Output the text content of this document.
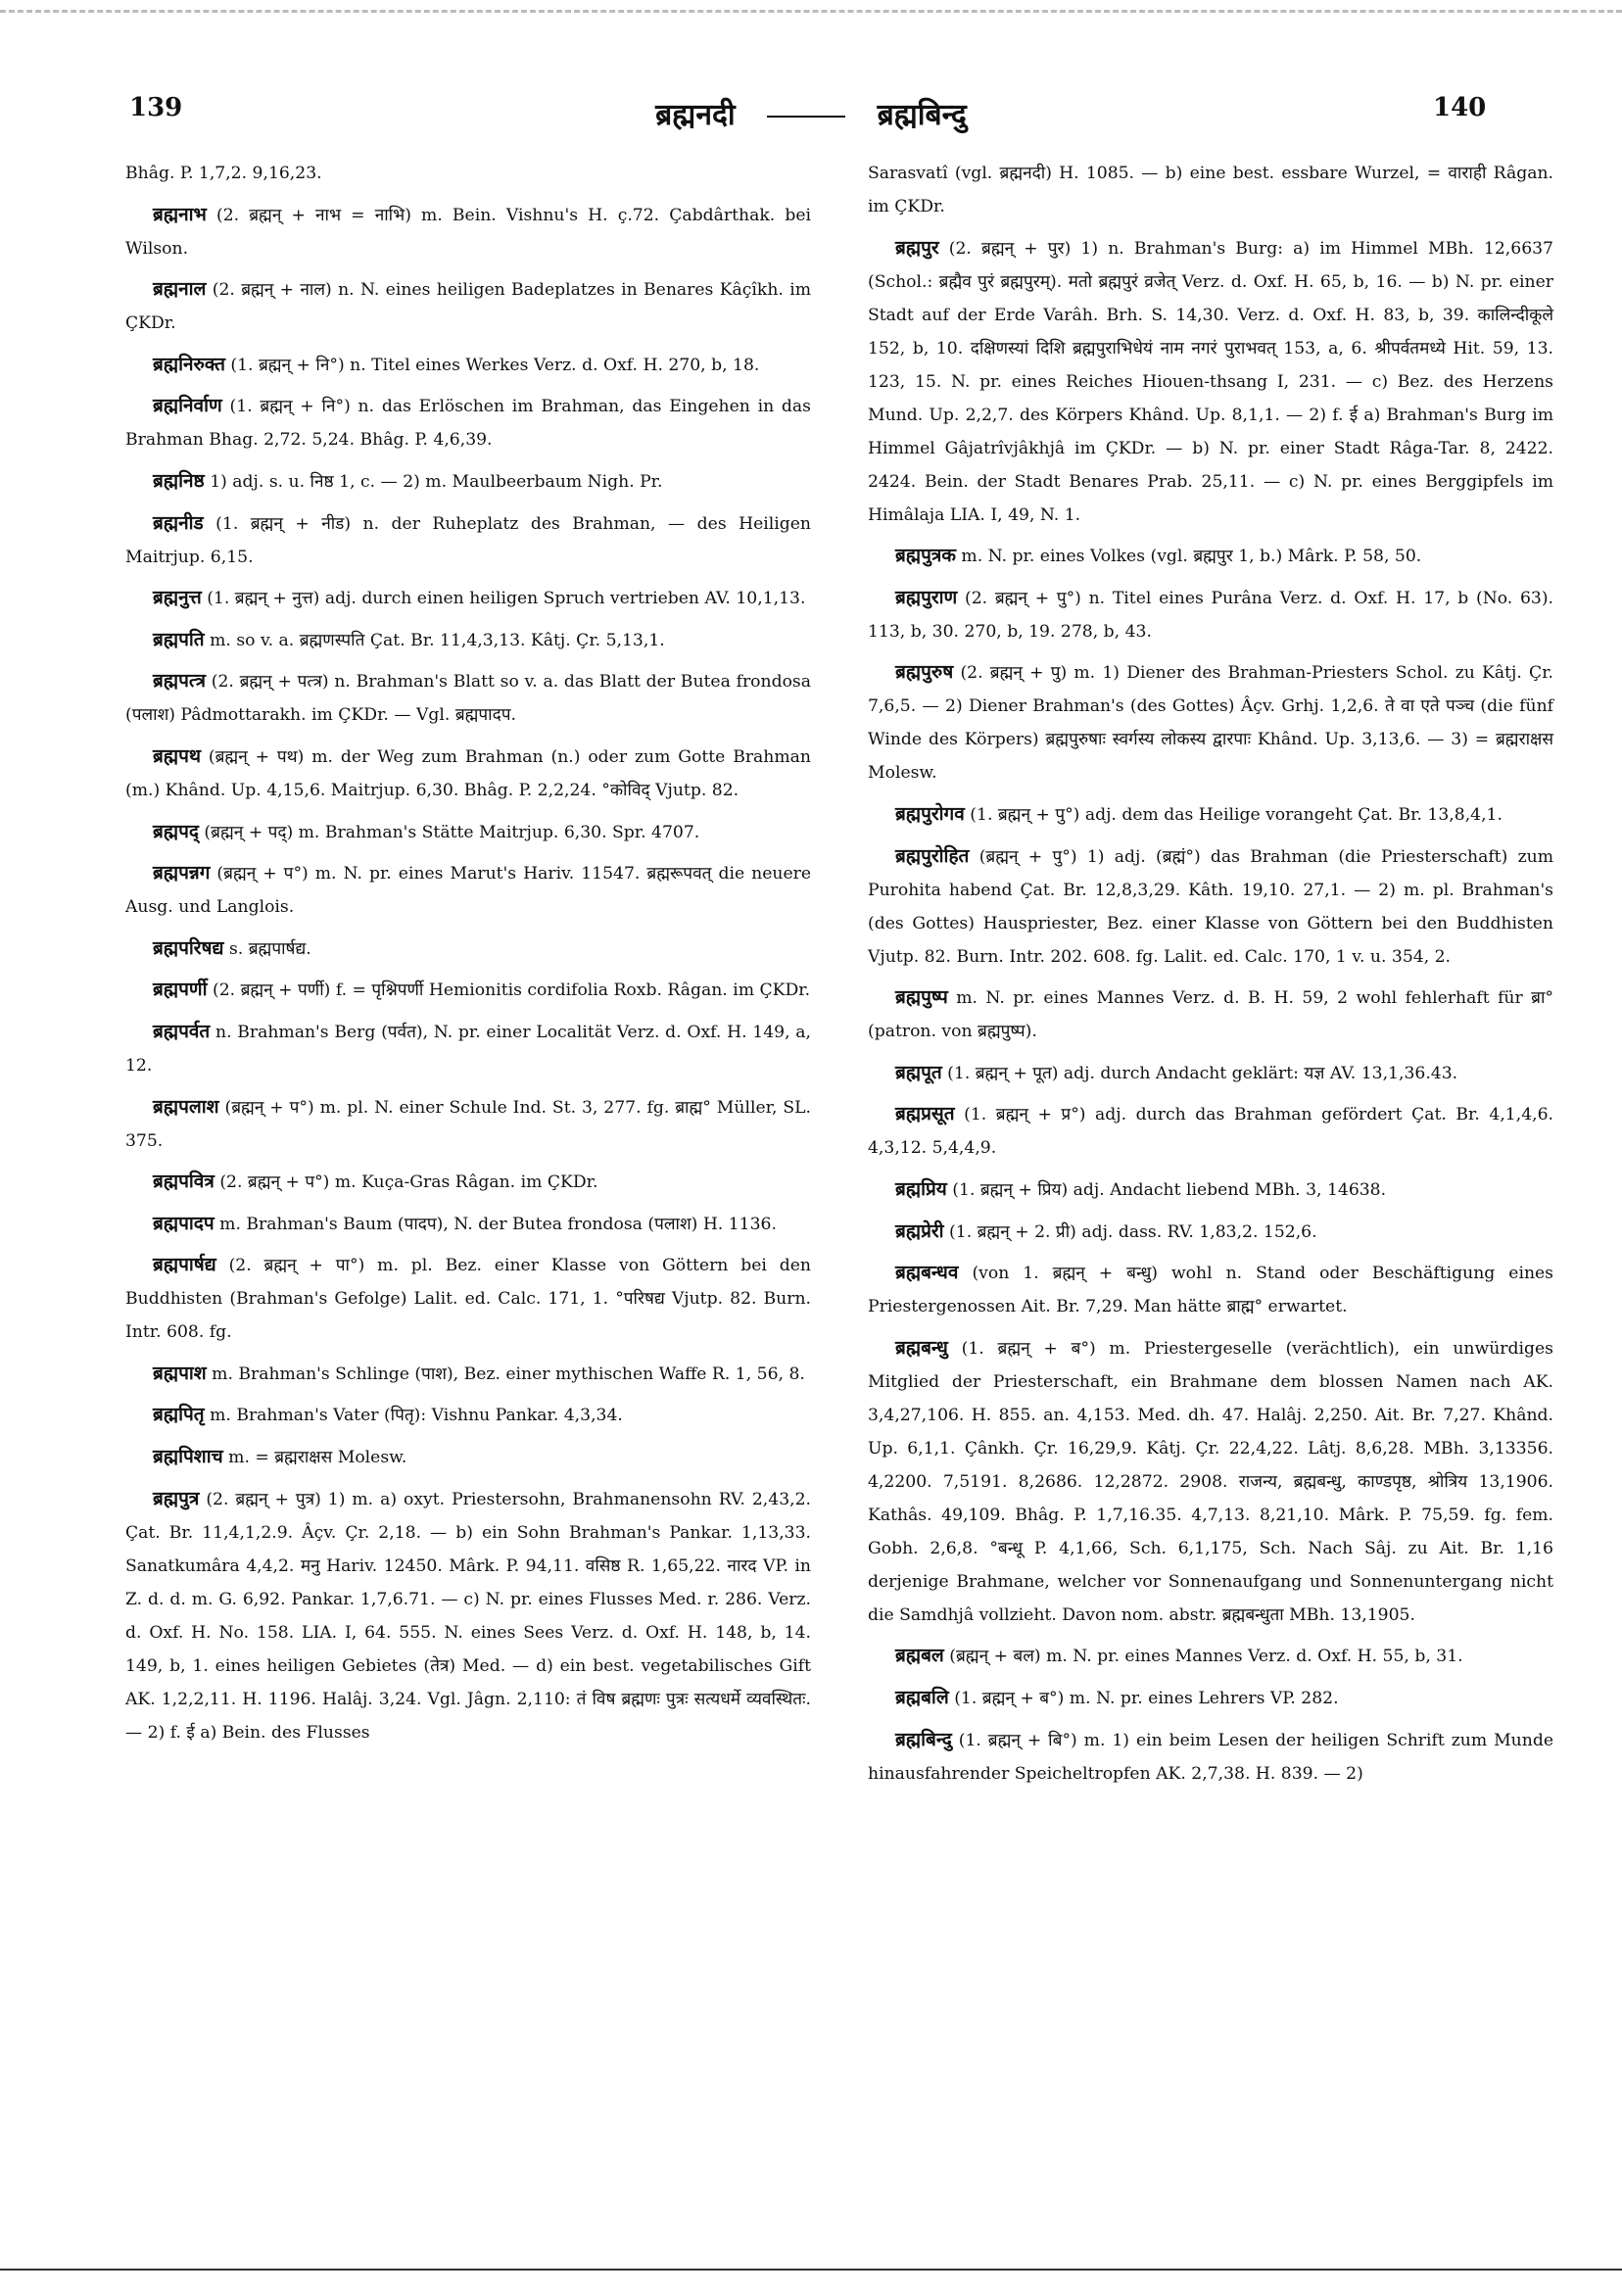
139	ब्रह्मनदी	ब्रह्मबिन्दु	140

Bhâg. P. 1,7,2. 9,16,23.

ब्रह्मनाभ (2. ब्रह्मन् + नाभ = नाभि) m. Bein. Vishnu's H. ç.72. Çabdârthak. bei Wilson.

ब्रह्मनाल (2. ब्रह्मन् + नाल) n. N. eines heiligen Badeplatzes in Benares Kâçîkh. im ÇKDr.

ब्रह्मनिरुक्त (1. ब्रह्मन् + नि°) n. Titel eines Werkes Verz. d. Oxf. H. 270, b, 18.

ब्रह्मनिर्वाण (1. ब्रह्मन् + नि°) n. das Erlöschen im Brahman, das Eingehen in das Brahman Bhag. 2,72. 5,24. Bhâg. P. 4,6,39.

ब्रह्मनिष्ठ 1) adj. s. u. निष्ठ 1, c. — 2) m. Maulbeerbaum Nigh. Pr.

ब्रह्मनीड (1. ब्रह्मन् + नीड) n. der Ruheplatz des Brahman, — des Heiligen Maitrjup. 6,15.

ब्रह्मनुत्त (1. ब्रह्मन् + नुत्त) adj. durch einen heiligen Spruch vertrieben AV. 10,1,13.

ब्रह्मपति m. so v. a. ब्रह्मणस्पति Çat. Br. 11,4,3,13. Kâtj. Çr. 5,13,1.

ब्रह्मपत्त्र (2. ब्रह्मन् + पत्त्र) n. Brahman's Blatt so v. a. das Blatt der Butea frondosa (पलाश) Pâdmottarakh. im ÇKDr. — Vgl. ब्रह्मपादप.

ब्रह्मपथ (ब्रह्मन् + पथ) m. der Weg zum Brahman (n.) oder zum Gotte Brahman (m.) Khând. Up. 4,15,6. Maitrjup. 6,30. Bhâg. P. 2,2,24. °कोविद् Vjutp. 82.

ब्रह्मपद् (ब्रह्मन् + पद्) m. Brahman's Stätte Maitrjup. 6,30. Spr. 4707.

ब्रह्मपन्नग (ब्रह्मन् + प°) m. N. pr. eines Marut's Hariv. 11547. ब्रह्मरूपवत् die neuere Ausg. und Langlois.

ब्रह्मपरिषद्य s. ब्रह्मपार्षद्य.

ब्रह्मपर्णी (2. ब्रह्मन् + पर्णी) f. = पृश्निपर्णी Hemionitis cordifolia Roxb. Râgan. im ÇKDr.

ब्रह्मपर्वत n. Brahman's Berg (पर्वत), N. pr. einer Localität Verz. d. Oxf. H. 149, a, 12.

ब्रह्मपलाश (ब्रह्मन् + प°) m. pl. N. einer Schule Ind. St. 3, 277. fg. ब्राह्म° Müller, SL. 375.

ब्रह्मपवित्र (2. ब्रह्मन् + प°) m. Kuça-Gras Râgan. im ÇKDr.

ब्रह्मपादप m. Brahman's Baum (पादप), N. der Butea frondosa (पलाश) H. 1136.

ब्रह्मपार्षद्य (2. ब्रह्मन् + पा°) m. pl. Bez. einer Klasse von Göttern bei den Buddhisten (Brahman's Gefolge) Lalit. ed. Calc. 171, 1. °परिषद्य Vjutp. 82. Burn. Intr. 608. fg.

ब्रह्मपाश m. Brahman's Schlinge (पाश), Bez. einer mythischen Waffe R. 1, 56, 8.

ब्रह्मपितृ m. Brahman's Vater (पितृ): Vishnu Pankar. 4,3,34.

ब्रह्मपिशाच m. = ब्रह्मराक्षस Molesw.

ब्रह्मपुत्र (2. ब्रह्मन् + पुत्र) 1) m. a) oxyt. Priestersohn, Brahmanensohn RV. 2,43,2. Çat. Br. 11,4,1,2.9. Âçv. Çr. 2,18. — b) ein Sohn Brahman's Pankar. 1,13,33. Sanatkumâra 4,4,2. मनु Hariv. 12450. Mârk. P. 94,11. वसिष्ठ R. 1,65,22. नारद VP. in Z. d. d. m. G. 6,92. Pankar. 1,7,6.71. — c) N. pr. eines Flusses Med. r. 286. Verz. d. Oxf. H. No. 158. LIA. I, 64. 555. N. eines Sees Verz. d. Oxf. H. 148, b, 14. 149, b, 1. eines heiligen Gebietes (तेत्र) Med. — d) ein best. vegetabilisches Gift AK. 1,2,2,11. H. 1196. Halâj. 3,24. Vgl. Jâgn. 2,110: तं विष ब्रह्मणः पुत्रः सत्यधर्मे व्यवस्थितः. — 2) f. ई a) Bein. des Flusses

Sarasvatî (vgl. ब्रह्मनदी) H. 1085. — b) eine best. essbare Wurzel, = वाराही Râgan. im ÇKDr.

ब्रह्मपुर (2. ब्रह्मन् + पुर) 1) n. Brahman's Burg: a) im Himmel MBh. 12,6637 (Schol.: ब्रह्मैव पुरं ब्रह्मपुरम्). मतो ब्रह्मपुरं व्रजेत् Verz. d. Oxf. H. 65, b, 16. — b) N. pr. einer Stadt auf der Erde Varâh. Brh. S. 14,30. Verz. d. Oxf. H. 83, b, 39. कालिन्दीकूले 152, b, 10. दक्षिणस्यां दिशि ब्रह्मपुराभिधेयं नाम नगरं पुराभवत् 153, a, 6. श्रीपर्वतमध्ये Hit. 59, 13. 123, 15. N. pr. eines Reiches Hiouen-thsang I, 231. — c) Bez. des Herzens Mund. Up. 2,2,7. des Körpers Khând. Up. 8,1,1. — 2) f. ई a) Brahman's Burg im Himmel Gâjatrîvjâkhjâ im ÇKDr. — b) N. pr. einer Stadt Râga-Tar. 8, 2422. 2424. Bein. der Stadt Benares Prab. 25,11. — c) N. pr. eines Berggipfels im Himâlaja LIA. I, 49, N. 1.

ब्रह्मपुत्रक m. N. pr. eines Volkes (vgl. ब्रह्मपुर 1, b.) Mârk. P. 58, 50.

ब्रह्मपुराण (2. ब्रह्मन् + पु°) n. Titel eines Purâna Verz. d. Oxf. H. 17, b (No. 63). 113, b, 30. 270, b, 19. 278, b, 43.

ब्रह्मपुरुष (2. ब्रह्मन् + पु) m. 1) Diener des Brahman-Priesters Schol. zu Kâtj. Çr. 7,6,5. — 2) Diener Brahman's (des Gottes) Âçv. Grhj. 1,2,6. ते वा एते पञ्च (die fünf Winde des Körpers) ब्रह्मपुरुषाः स्वर्गस्य लोकस्य द्वारपाः Khând. Up. 3,13,6. — 3) = ब्रह्मराक्षस Molesw.

ब्रह्मपुरोगव (1. ब्रह्मन् + पु°) adj. dem das Heilige vorangeht Çat. Br. 13,8,4,1.

ब्रह्मपुरोहित (ब्रह्मन् + पु°) 1) adj. (ब्रह्मं°) das Brahman (die Priesterschaft) zum Purohita habend Çat. Br. 12,8,3,29. Kâth. 19,10. 27,1. — 2) m. pl. Brahman's (des Gottes) Hauspriester, Bez. einer Klasse von Göttern bei den Buddhisten Vjutp. 82. Burn. Intr. 202. 608. fg. Lalit. ed. Calc. 170, 1 v. u. 354, 2.

ब्रह्मपुष्प m. N. pr. eines Mannes Verz. d. B. H. 59, 2 wohl fehlerhaft für ब्रा° (patron. von ब्रह्मपुष्प).

ब्रह्मपूत (1. ब्रह्मन् + पूत) adj. durch Andacht geklärt: यज्ञ AV. 13,1,36.43.

ब्रह्मप्रसूत (1. ब्रह्मन् + प्र°) adj. durch das Brahman gefördert Çat. Br. 4,1,4,6. 4,3,12. 5,4,4,9.

ब्रह्मप्रिय (1. ब्रह्मन् + प्रिय) adj. Andacht liebend MBh. 3, 14638.

ब्रह्मप्रेरी (1. ब्रह्मन् + 2. प्री) adj. dass. RV. 1,83,2. 152,6.

ब्रह्मबन्धव (von 1. ब्रह्मन् + बन्धु) wohl n. Stand oder Beschäftigung eines Priestergenossen Ait. Br. 7,29. Man hätte ब्राह्म° erwartet.

ब्रह्मबन्धु (1. ब्रह्मन् + ब°) m. Priestergeselle (verächtlich), ein unwürdiges Mitglied der Priesterschaft, ein Brahmane dem blossen Namen nach AK. 3,4,27,106. H. 855. an. 4,153. Med. dh. 47. Halâj. 2,250. Ait. Br. 7,27. Khând. Up. 6,1,1. Çânkh. Çr. 16,29,9. Kâtj. Çr. 22,4,22. Lâtj. 8,6,28. MBh. 3,13356. 4,2200. 7,5191. 8,2686. 12,2872. 2908. राजन्य, ब्रह्मबन्धु, काण्डपृष्ठ, श्रोत्रिय 13,1906. Kathâs. 49,109. Bhâg. P. 1,7,16.35. 4,7,13. 8,21,10. Mârk. P. 75,59. fg. fem. Gobh. 2,6,8. °बन्धू P. 4,1,66, Sch. 6,1,175, Sch. Nach Sâj. zu Ait. Br. 1,16 derjenige Brahmane, welcher vor Sonnenaufgang und Sonnenuntergang nicht die Samdhjâ vollzieht. Davon nom. abstr. ब्रह्मबन्धुता MBh. 13,1905.

ब्रह्मबल (ब्रह्मन् + बल) m. N. pr. eines Mannes Verz. d. Oxf. H. 55, b, 31.

ब्रह्मबलि (1. ब्रह्मन् + ब°) m. N. pr. eines Lehrers VP. 282.

ब्रह्मबिन्दु (1. ब्रह्मन् + बि°) m. 1) ein beim Lesen der heiligen Schrift zum Munde hinausfahrender Speicheltropfen AK. 2,7,38. H. 839. — 2)
